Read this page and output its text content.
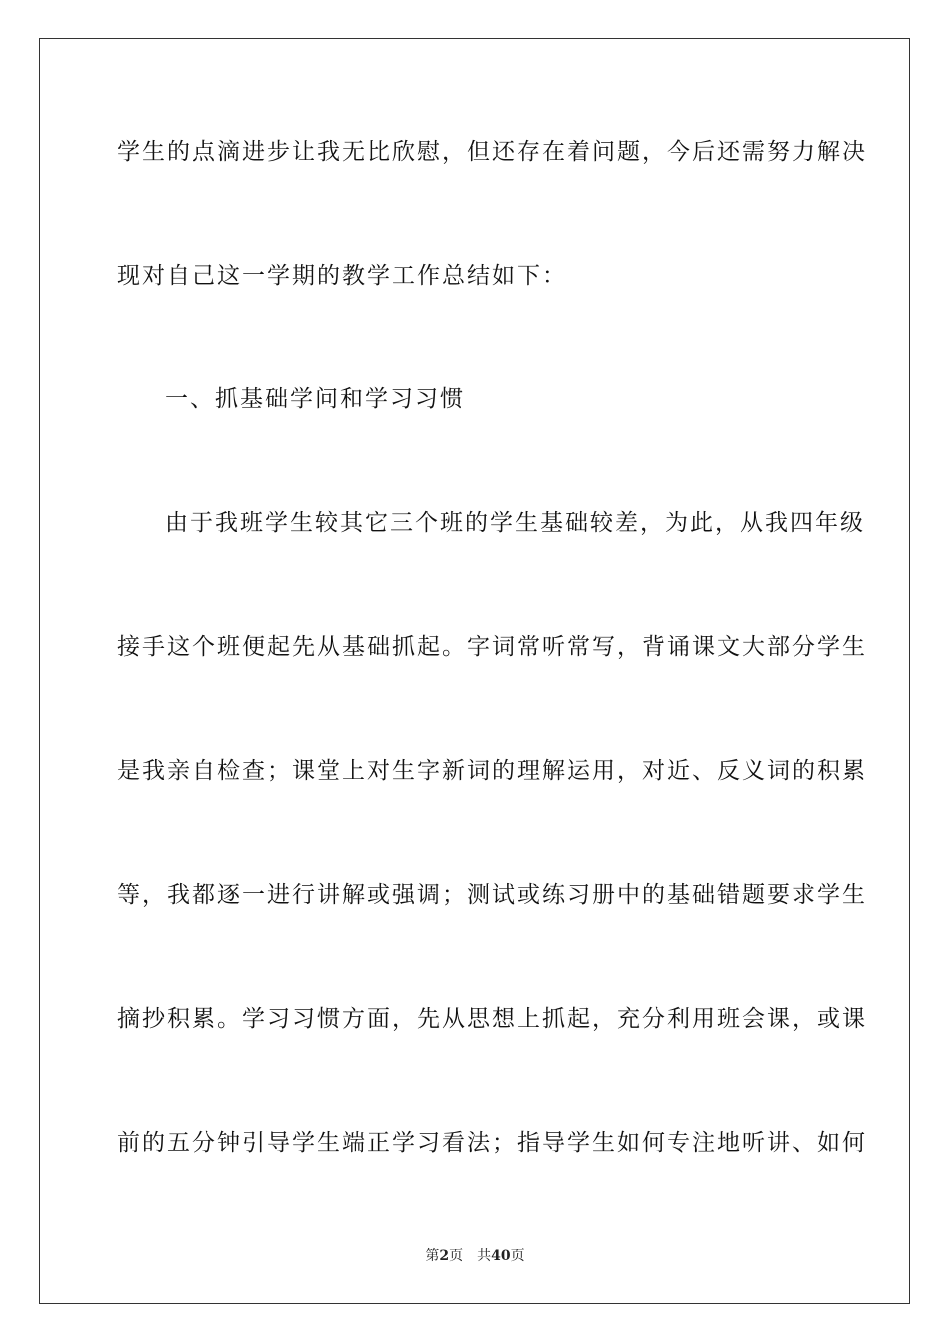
学生的点滴进步让我无比欣慰，但还存在着问题，今后还需努力解决
现对自己这一学期的教学工作总结如下：
一、抓基础学问和学习习惯
由于我班学生较其它三个班的学生基础较差，为此，从我四年级
接手这个班便起先从基础抓起。字词常听常写，背诵课文大部分学生
是我亲自检查；课堂上对生字新词的理解运用，对近、反义词的积累
等，我都逐一进行讲解或强调；测试或练习册中的基础错题要求学生
摘抄积累。学习习惯方面，先从思想上抓起，充分利用班会课，或课
前的五分钟引导学生端正学习看法；指导学生如何专注地听讲、如何
第2页 共40页
